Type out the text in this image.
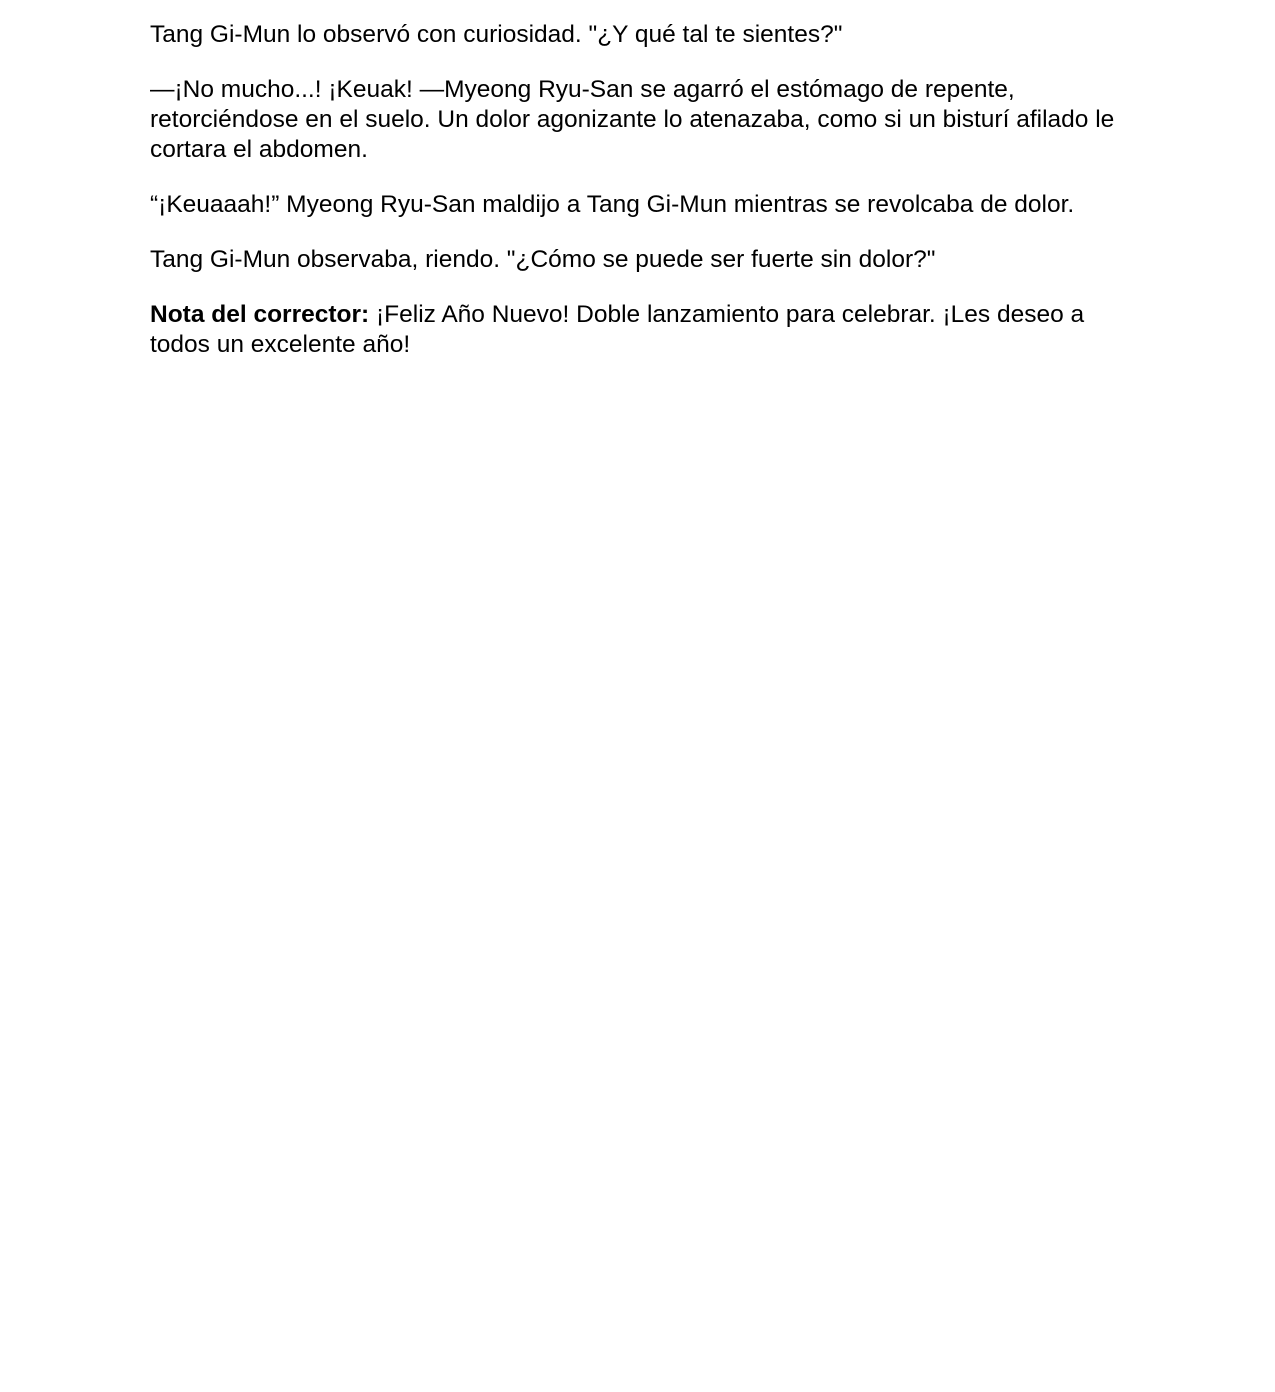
Tang Gi-Mun lo observó con curiosidad. "¿Y qué tal te sientes?"

—¡No mucho...! ¡Keuak! —Myeong Ryu-San se agarró el estómago de repente, retorciéndose en el suelo. Un dolor agonizante lo atenazaba, como si un bisturí afilado le cortara el abdomen.

“¡Keuaaah!” Myeong Ryu-San maldijo a Tang Gi-Mun mientras se revolcaba de dolor.

Tang Gi-Mun observaba, riendo. "¿Cómo se puede ser fuerte sin dolor?"

Nota del corrector: ¡Feliz Año Nuevo! Doble lanzamiento para celebrar. ¡Les deseo a todos un excelente año!
